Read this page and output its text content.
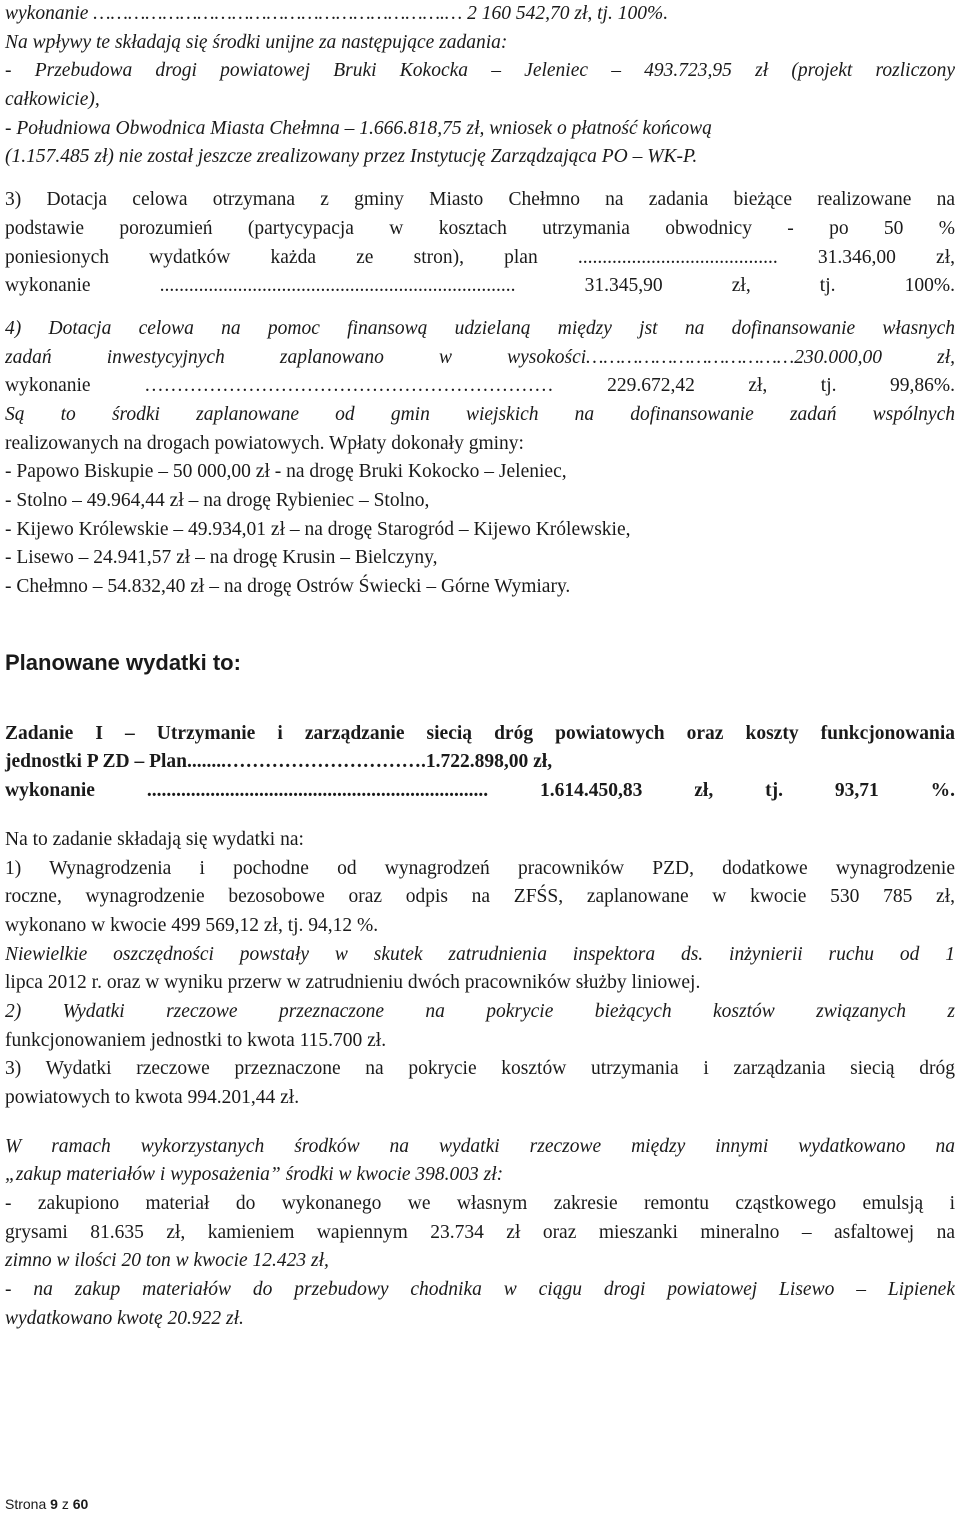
wykonanie …………………………………………………….… 2 160 542,70 zł, tj. 100%.
Na wpływy te składają się środki unijne za następujące zadania:
- Przebudowa drogi powiatowej Bruki Kokocka – Jeleniec – 493.723,95 zł (projekt rozliczony
całkowicie),
- Południowa Obwodnica Miasta Chełmna – 1.666.818,75 zł, wniosek o płatność końcową
(1.157.485 zł) nie został jeszcze zrealizowany przez Instytucję Zarządzająca PO – WK-P.
3) Dotacja celowa otrzymana z gminy Miasto Chełmno na zadania bieżące realizowane na
podstawie porozumień (partycypacja w kosztach utrzymania obwodnicy - po 50 %
poniesionych wydatków każda ze stron), plan ......................................... 31.346,00 zł,
wykonanie ......................................................................... 31.345,90 zł, tj. 100%.
4) Dotacja celowa na pomoc finansową udzielaną między jst na dofinansowanie własnych
zadań inwestycyjnych zaplanowano w wysokości………………………………230.000,00 zł,
wykonanie ……………………………………………………… 229.672,42 zł, tj. 99,86%.
Są to środki zaplanowane od gmin wiejskich na dofinansowanie zadań wspólnych
realizowanych na drogach powiatowych. Wpłaty dokonały gminy:
- Papowo Biskupie – 50 000,00 zł - na drogę Bruki Kokocko – Jeleniec,
- Stolno – 49.964,44 zł – na drogę Rybieniec – Stolno,
- Kijewo Królewskie – 49.934,01 zł – na drogę Starogród – Kijewo Królewskie,
- Lisewo – 24.941,57 zł – na drogę Krusin – Bielczyny,
- Chełmno – 54.832,40 zł – na drogę Ostrów Świecki – Górne Wymiary.
Planowane wydatki to:
Zadanie I – Utrzymanie i zarządzanie siecią dróg powiatowych oraz koszty funkcjonowania
jednostki P ZD – Plan........………………………….1.722.898,00 zł,
wykonanie ...................................................................... 1.614.450,83 zł, tj. 93,71 %.
Na to zadanie składają się wydatki na:
1) Wynagrodzenia i pochodne od wynagrodzeń pracowników PZD, dodatkowe wynagrodzenie
roczne, wynagrodzenie bezosobowe oraz odpis na ZFŚS, zaplanowane w kwocie 530 785 zł,
wykonano w kwocie 499 569,12 zł, tj. 94,12 %.
Niewielkie oszczędności powstały w skutek zatrudnienia inspektora ds. inżynierii ruchu od 1
lipca 2012 r. oraz w wyniku przerw w zatrudnieniu dwóch pracowników służby liniowej.
2) Wydatki rzeczowe przeznaczone na pokrycie bieżących kosztów związanych z
funkcjonowaniem jednostki to kwota 115.700 zł.
3) Wydatki rzeczowe przeznaczone na pokrycie kosztów utrzymania i zarządzania siecią dróg
powiatowych to kwota 994.201,44 zł.
W ramach wykorzystanych środków na wydatki rzeczowe między innymi wydatkowano na
„zakup materiałów i wyposażenia” środki w kwocie 398.003 zł:
- zakupiono materiał do wykonanego we własnym zakresie remontu cząstkowego emulsją i
grysami 81.635 zł, kamieniem wapiennym 23.734 zł oraz mieszanki mineralno – asfaltowej na
zimno w ilości 20 ton w kwocie 12.423 zł,
- na zakup materiałów do przebudowy chodnika w ciągu drogi powiatowej Lisewo – Lipienek
wydatkowano kwotę 20.922 zł.
Strona 9 z 60
